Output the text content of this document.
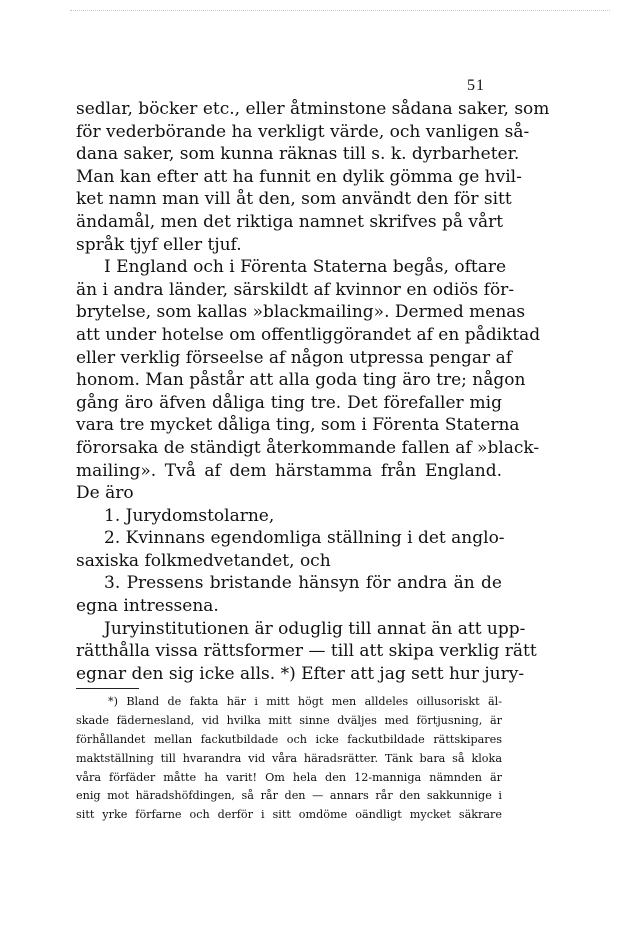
51
sedlar, böcker etc., eller åtminstone sådana saker, som
för vederbörande ha verkligt värde, och vanligen så-
dana saker, som kunna räknas till s. k. dyrbarheter.
Man kan efter att ha funnit en dylik gömma ge hvil-
ket namn man vill åt den, som användt den för sitt
ändamål, men det riktiga namnet skrifves på vårt
språk tjyf eller tjuf.
I England och i Förenta Staterna begås, oftare
än i andra länder, särskildt af kvinnor en odiös för-
brytelse, som kallas »blackmailing». Dermed menas
att under hotelse om offentliggörandet af en pådiktad
eller verklig förseelse af någon utpressa pengar af
honom. Man påstår att alla goda ting äro tre; någon
gång äro äfven dåliga ting tre. Det förefaller mig
vara tre mycket dåliga ting, som i Förenta Staterna
förorsaka de ständigt återkommande fallen af »black-
mailing». Två af dem härstamma från England.
De äro
1. Jurydomstolarne,
2. Kvinnans egendomliga ställning i det anglo-
saxiska folkmedvetandet, och
3. Pressens bristande hänsyn för andra än de
egna intressena.
Juryinstitutionen är oduglig till annat än att upp-
rätthålla vissa rättsformer — till att skipa verklig rätt
egnar den sig icke alls. *) Efter att jag sett hur jury-
*) Bland de fakta här i mitt högt men alldeles oillusoriskt äl-
skade fädernesland, vid hvilka mitt sinne dväljes med förtjusning, är
förhållandet mellan fackutbildade och icke fackutbildade rättskipares
maktställning till hvarandra vid våra häradsrätter. Tänk bara så kloka
våra förfäder måtte ha varit! Om hela den 12-manniga nämnden är
enig mot häradshöfdingen, så rår den — annars rår den sakkunnige i
sitt yrke förfarne och derför i sitt omdöme oändligt mycket säkrare
